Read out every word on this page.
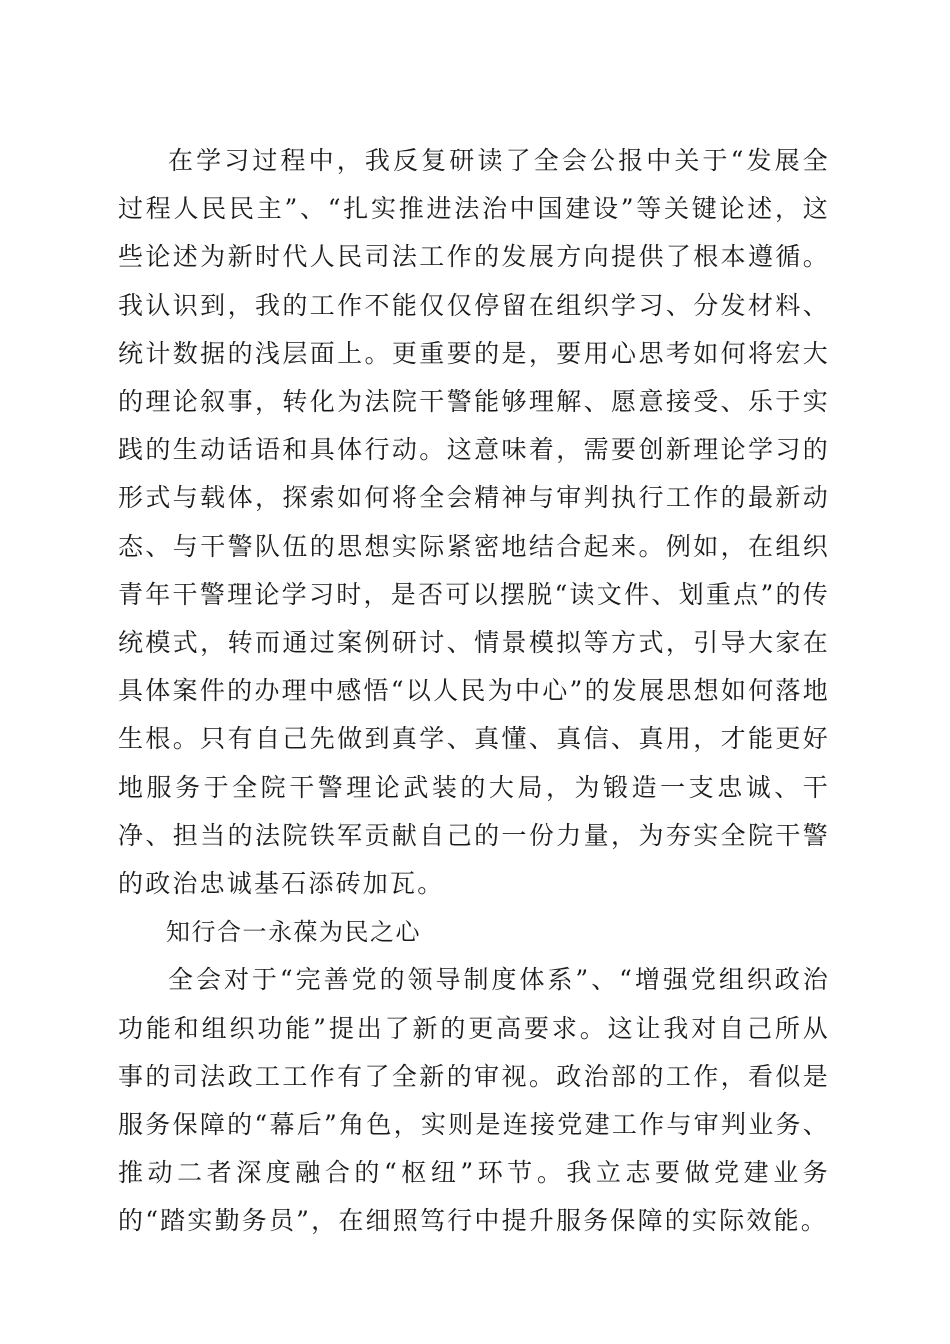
在学习过程中，我反复研读了全会公报中关于“发展全过程人民民主”、“扎实推进法治中国建设”等关键论述，这些论述为新时代人民司法工作的发展方向提供了根本遵循。我认识到，我的工作不能仅仅停留在组织学习、分发材料、统计数据的浅层面上。更重要的是，要用心思考如何将宏大的理论叙事，转化为法院干警能够理解、愿意接受、乐于实践的生动话语和具体行动。这意味着，需要创新理论学习的形式与载体，探索如何将全会精神与审判执行工作的最新动态、与干警队伍的思想实际紧密地结合起来。例如，在组织青年干警理论学习时，是否可以摆脱“读文件、划重点”的传统模式，转而通过案例研讨、情景模拟等方式，引导大家在具体案件的办理中感悟“以人民为中心”的发展思想如何落地生根。只有自己先做到真学、真懂、真信、真用，才能更好地服务于全院干警理论武装的大局，为锻造一支忠诚、干净、担当的法院铁军贡献自己的一份力量，为夯实全院干警的政治忠诚基石添砖加瓦。

知行合一永葆为民之心

全会对于“完善党的领导制度体系”、“增强党组织政治功能和组织功能”提出了新的更高要求。这让我对自己所从事的司法政工工作有了全新的审视。政治部的工作，看似是服务保障的“幕后”角色，实则是连接党建工作与审判业务、推动二者深度融合的“枢纽”环节。我立志要做党建业务的“踏实勤务员”，在细照笃行中提升服务保障的实际效能。
